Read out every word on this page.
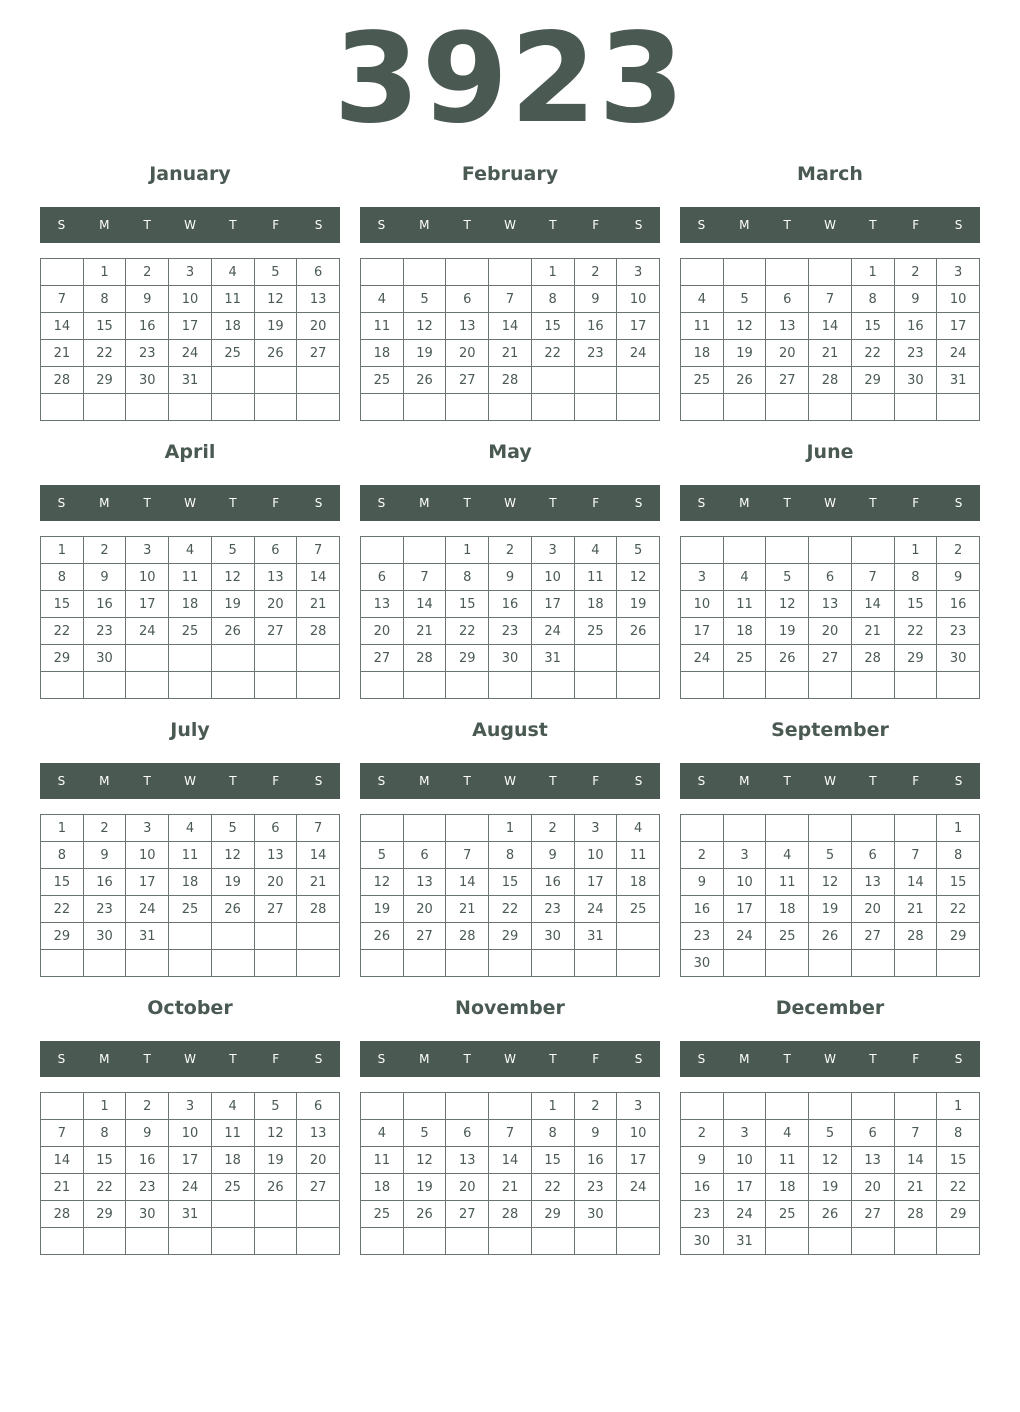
3923
January
S	M	T	W	T	F	S
	1	2	3	4	5	6
7	8	9	10	11	12	13
14	15	16	17	18	19	20
21	22	23	24	25	26	27
28	29	30	31			

February
S	M	T	W	T	F	S
				1	2	3
4	5	6	7	8	9	10
11	12	13	14	15	16	17
18	19	20	21	22	23	24
25	26	27	28			

March
S	M	T	W	T	F	S
				1	2	3
4	5	6	7	8	9	10
11	12	13	14	15	16	17
18	19	20	21	22	23	24
25	26	27	28	29	30	31

April
S	M	T	W	T	F	S
1	2	3	4	5	6	7
8	9	10	11	12	13	14
15	16	17	18	19	20	21
22	23	24	25	26	27	28
29	30					

May
S	M	T	W	T	F	S
		1	2	3	4	5
6	7	8	9	10	11	12
13	14	15	16	17	18	19
20	21	22	23	24	25	26
27	28	29	30	31		

June
S	M	T	W	T	F	S
					1	2
3	4	5	6	7	8	9
10	11	12	13	14	15	16
17	18	19	20	21	22	23
24	25	26	27	28	29	30

July
S	M	T	W	T	F	S
1	2	3	4	5	6	7
8	9	10	11	12	13	14
15	16	17	18	19	20	21
22	23	24	25	26	27	28
29	30	31				

August
S	M	T	W	T	F	S
			1	2	3	4
5	6	7	8	9	10	11
12	13	14	15	16	17	18
19	20	21	22	23	24	25
26	27	28	29	30	31	

September
S	M	T	W	T	F	S
						1
2	3	4	5	6	7	8
9	10	11	12	13	14	15
16	17	18	19	20	21	22
23	24	25	26	27	28	29
30						
October
S	M	T	W	T	F	S
	1	2	3	4	5	6
7	8	9	10	11	12	13
14	15	16	17	18	19	20
21	22	23	24	25	26	27
28	29	30	31			

November
S	M	T	W	T	F	S
				1	2	3
4	5	6	7	8	9	10
11	12	13	14	15	16	17
18	19	20	21	22	23	24
25	26	27	28	29	30	

December
S	M	T	W	T	F	S
						1
2	3	4	5	6	7	8
9	10	11	12	13	14	15
16	17	18	19	20	21	22
23	24	25	26	27	28	29
30	31					
